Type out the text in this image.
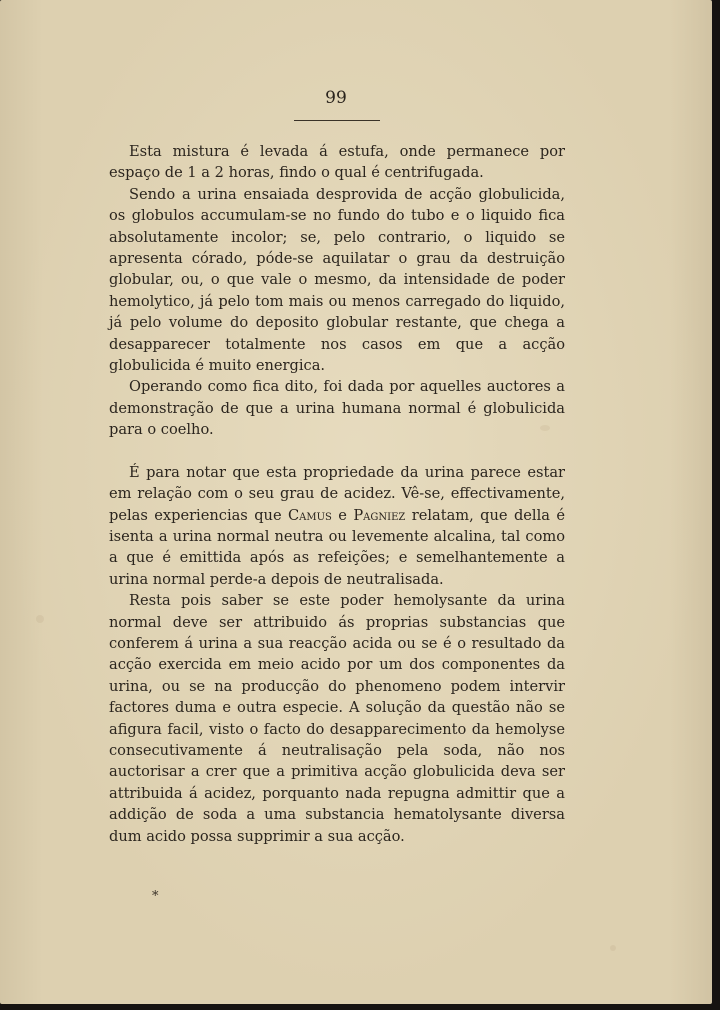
99

Esta mistura é levada á estufa, onde permanece por espaço de 1 a 2 horas, findo o qual é centrifugada.

Sendo a urina ensaiada desprovida de acção globulicida, os globulos accumulam-se no fundo do tubo e o liquido fica absolutamente incolor; se, pelo contrario, o liquido se apresenta córado, póde-se aquilatar o grau da destruição globular, ou, o que vale o mesmo, da intensidade de poder hemolytico, já pelo tom mais ou menos carregado do liquido, já pelo volume do deposito globular restante, que chega a desapparecer totalmente nos casos em que a acção globulicida é muito energica.

Operando como fica dito, foi dada por aquelles auctores a demonstração de que a urina humana normal é globulicida para o coelho.

É para notar que esta propriedade da urina parece estar em relação com o seu grau de acidez. Vê-se, effectivamente, pelas experiencias que Camus e Pagniez relatam, que della é isenta a urina normal neutra ou levemente alcalina, tal como a que é emittida após as refeições; e semelhantemente a urina normal perde-a depois de neutralisada.

Resta pois saber se este poder hemolysante da urina normal deve ser attribuido ás proprias substancias que conferem á urina a sua reacção acida ou se é o resultado da acção exercida em meio acido por um dos componentes da urina, ou se na producção do phenomeno podem intervir factores duma e outra especie. A solução da questão não se afigura facil, visto o facto do desapparecimento da hemolyse consecutivamente á neutralisação pela soda, não nos auctorisar a crer que a primitiva acção globulicida deva ser attribuida á acidez, porquanto nada repugna admittir que a addição de soda a uma substancia hematolysante diversa dum acido possa supprimir a sua acção.

*
